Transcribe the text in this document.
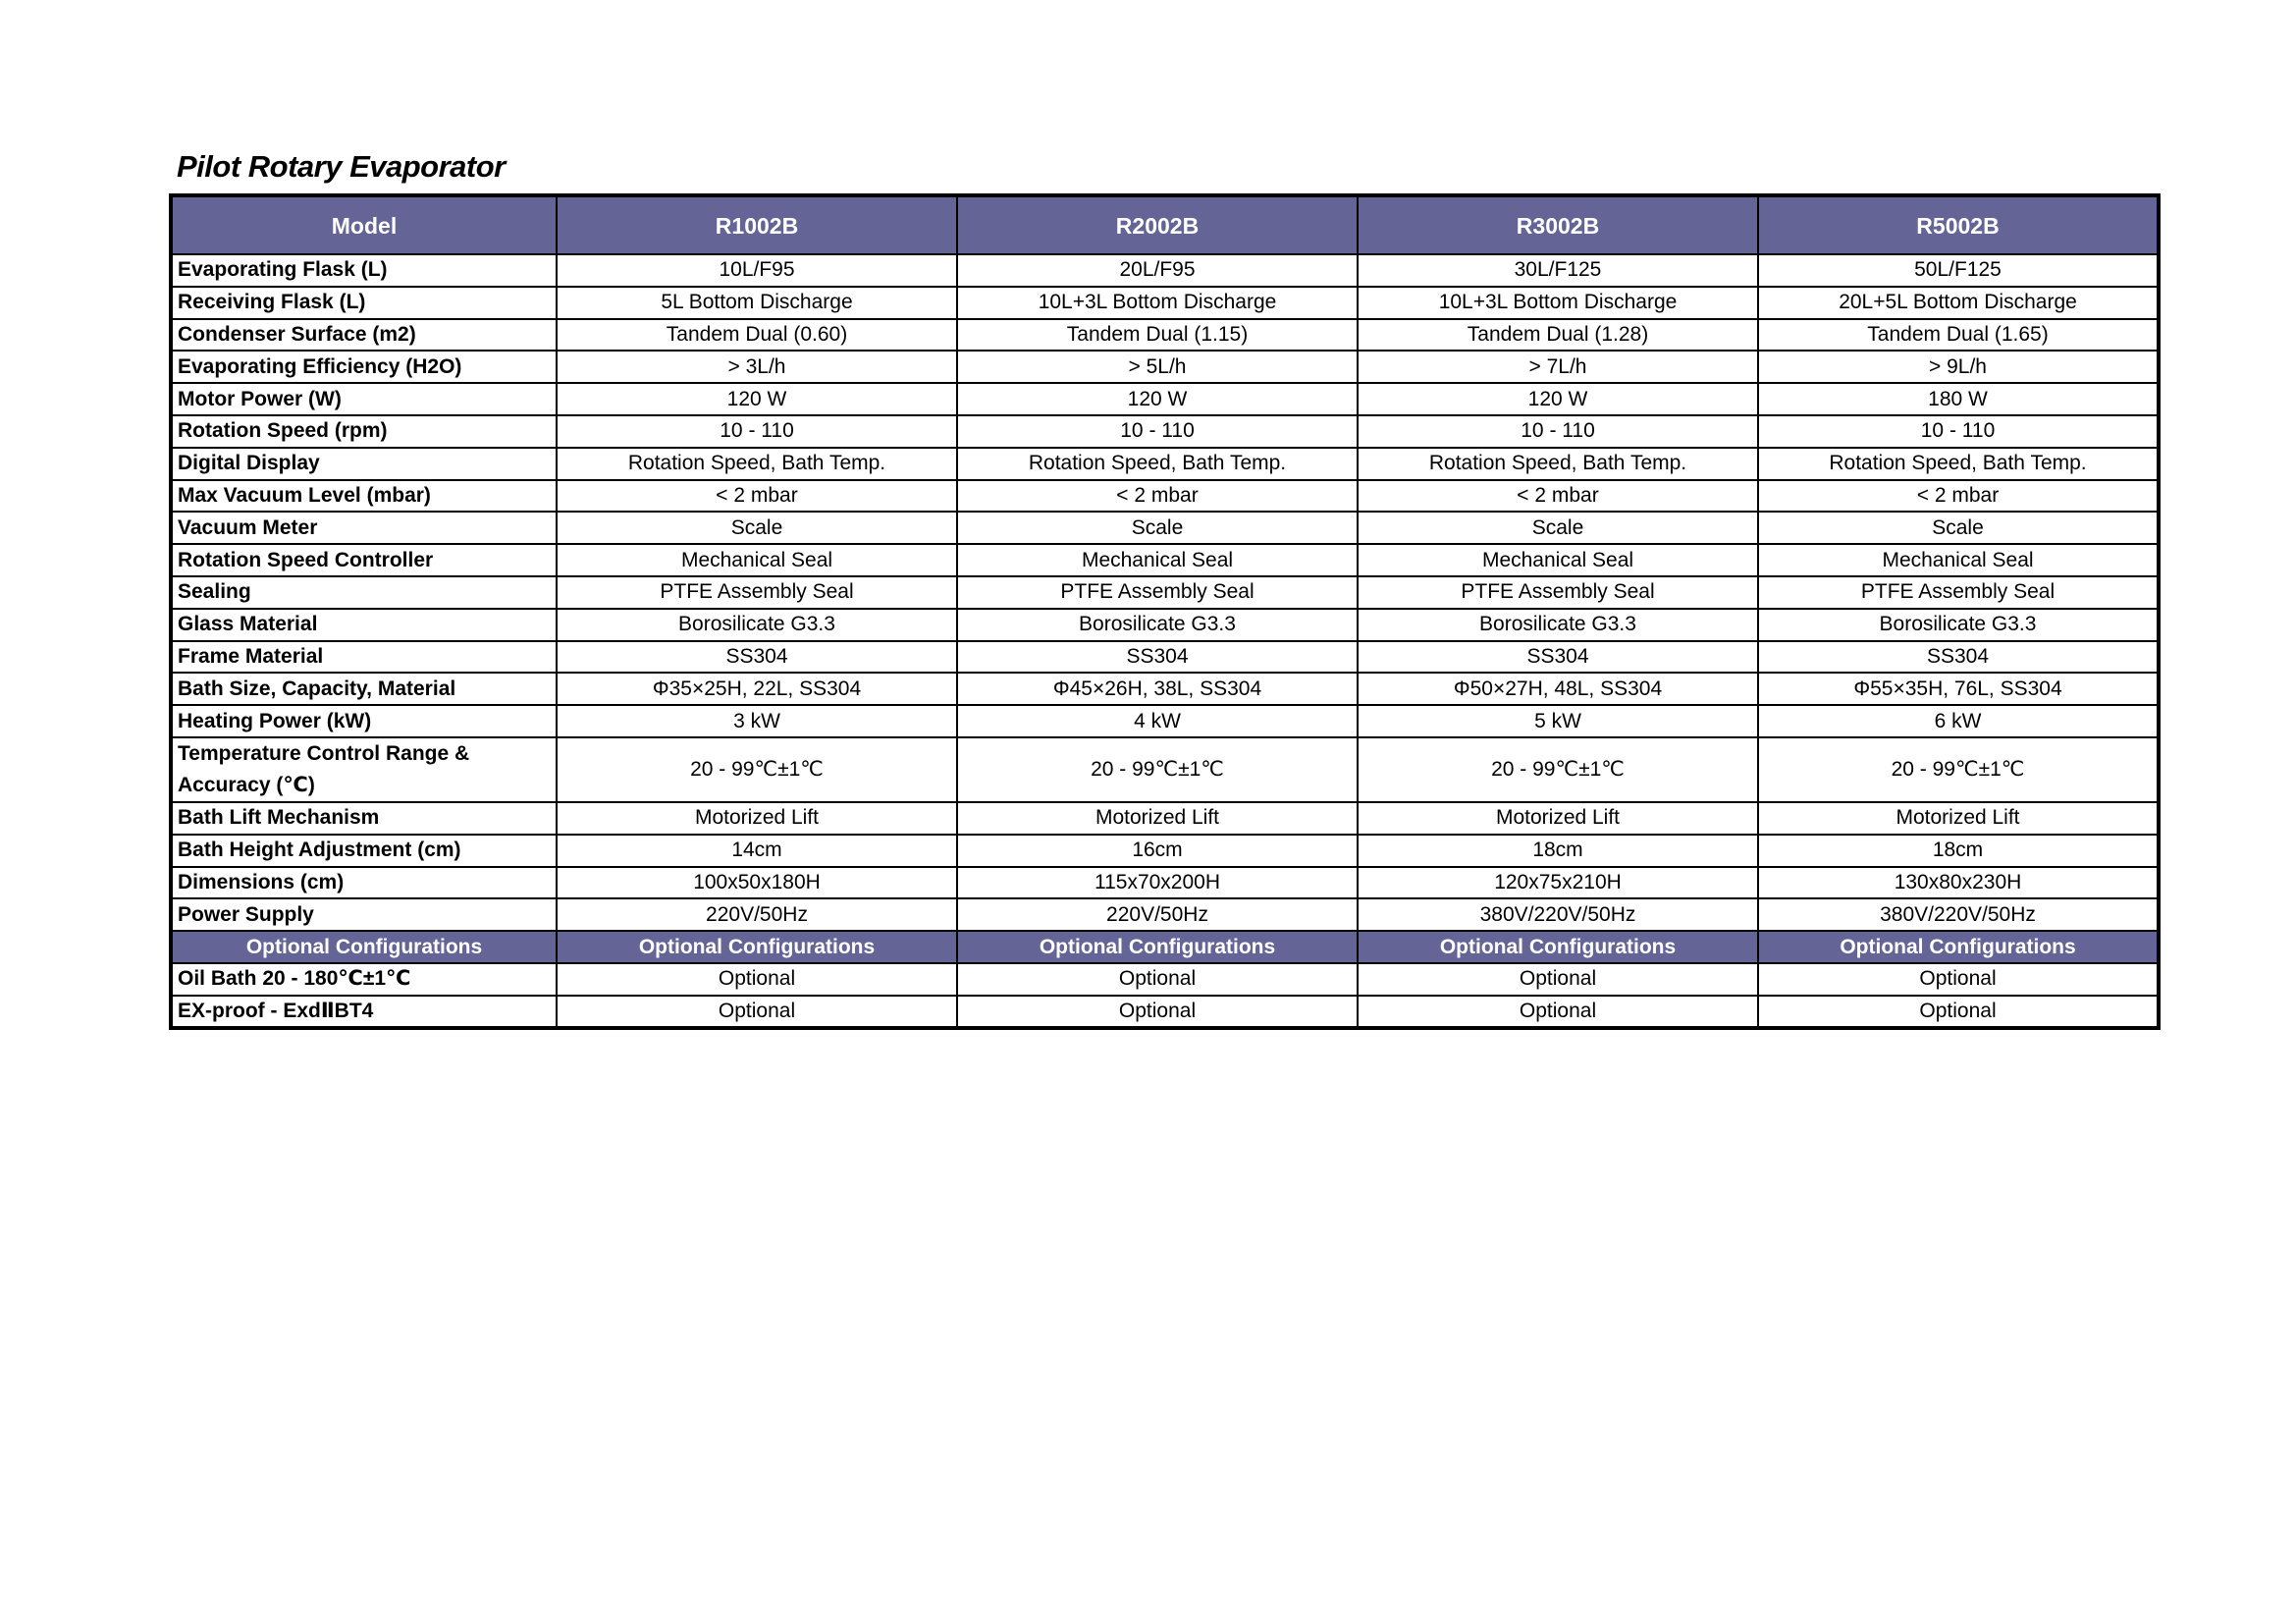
Pilot Rotary Evaporator
Model	R1002B	R2002B	R3002B	R5002B
Evaporating Flask (L)	10L/F95	20L/F95	30L/F125	50L/F125
Receiving Flask (L)	5L Bottom Discharge	10L+3L Bottom Discharge	10L+3L Bottom Discharge	20L+5L Bottom Discharge
Condenser Surface (m2)	Tandem Dual (0.60)	Tandem Dual (1.15)	Tandem Dual (1.28)	Tandem Dual (1.65)
Evaporating Efficiency (H2O)	> 3L/h	> 5L/h	> 7L/h	> 9L/h
Motor Power (W)	120 W	120 W	120 W	180 W
Rotation Speed (rpm)	10 - 110	10 - 110	10 - 110	10 - 110
Digital Display	Rotation Speed, Bath Temp.	Rotation Speed, Bath Temp.	Rotation Speed, Bath Temp.	Rotation Speed, Bath Temp.
Max Vacuum Level (mbar)	< 2 mbar	< 2 mbar	< 2 mbar	< 2 mbar
Vacuum Meter	Scale	Scale	Scale	Scale
Rotation Speed Controller	Mechanical Seal	Mechanical Seal	Mechanical Seal	Mechanical Seal
Sealing	PTFE Assembly Seal	PTFE Assembly Seal	PTFE Assembly Seal	PTFE Assembly Seal
Glass Material	Borosilicate G3.3	Borosilicate G3.3	Borosilicate G3.3	Borosilicate G3.3
Frame Material	SS304	SS304	SS304	SS304
Bath Size, Capacity, Material	Φ35×25H, 22L, SS304	Φ45×26H, 38L, SS304	Φ50×27H, 48L, SS304	Φ55×35H, 76L, SS304
Heating Power (kW)	3 kW	4 kW	5 kW	6 kW
Temperature Control Range & Accuracy (℃)	20 - 99℃±1℃	20 - 99℃±1℃	20 - 99℃±1℃	20 - 99℃±1℃
Bath Lift Mechanism	Motorized Lift	Motorized Lift	Motorized Lift	Motorized Lift
Bath Height Adjustment (cm)	14cm	16cm	18cm	18cm
Dimensions (cm)	100x50x180H	115x70x200H	120x75x210H	130x80x230H
Power Supply	220V/50Hz	220V/50Hz	380V/220V/50Hz	380V/220V/50Hz
Optional Configurations	Optional Configurations	Optional Configurations	Optional Configurations	Optional Configurations
Oil Bath 20 - 180℃±1℃	Optional	Optional	Optional	Optional
EX-proof - ExdⅡBT4	Optional	Optional	Optional	Optional
